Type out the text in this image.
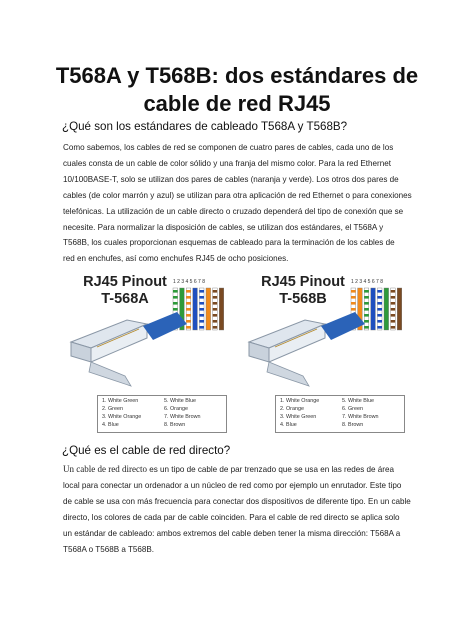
T568A y T568B: dos estándares de
cable de red RJ45
¿Qué son los estándares de cableado T568A y T568B?
Como sabemos, los cables de red se componen de cuatro pares de cables, cada uno de los
cuales consta de un cable de color sólido y una franja del mismo color. Para la red Ethernet
10/100BASE-T, solo se utilizan dos pares de cables (naranja y verde). Los otros dos pares de
cables (de color marrón y azul) se utilizan para otra aplicación de red Ethernet o para conexiones
telefónicas. La utilización de un cable directo o cruzado dependerá del tipo de conexión que se
necesite. Para normalizar la disposición de cables, se utilizan dos estándares, el T568A y
T568B, los cuales proporcionan esquemas de cableado para la terminación de los cables de
red en enchufes, así como enchufes RJ45 de ocho posiciones.
RJ45 Pinout
T-568A
1 2 3 4 5 6 7 8
1. White Green
2. Green
3. White Orange
4. Blue
5. White Blue
6. Orange
7. White Brown
8. Brown
RJ45 Pinout
T-568B
1 2 3 4 5 6 7 8
1. White Orange
2. Orange
3. White Green
4. Blue
5. White Blue
6. Green
7. White Brown
8. Brown
¿Qué es el cable de red directo?
Un cable de red directo es un tipo de cable de par trenzado que se usa en las redes de área
local para conectar un ordenador a un núcleo de red como por ejemplo un enrutador. Este tipo
de cable se usa con más frecuencia para conectar dos dispositivos de diferente tipo. En un cable
directo, los colores de cada par de cable coinciden. Para el cable de red directo se aplica solo
un estándar de cableado: ambos extremos del cable deben tener la misma dirección: T568A a
T568A o T568B a T568B.
